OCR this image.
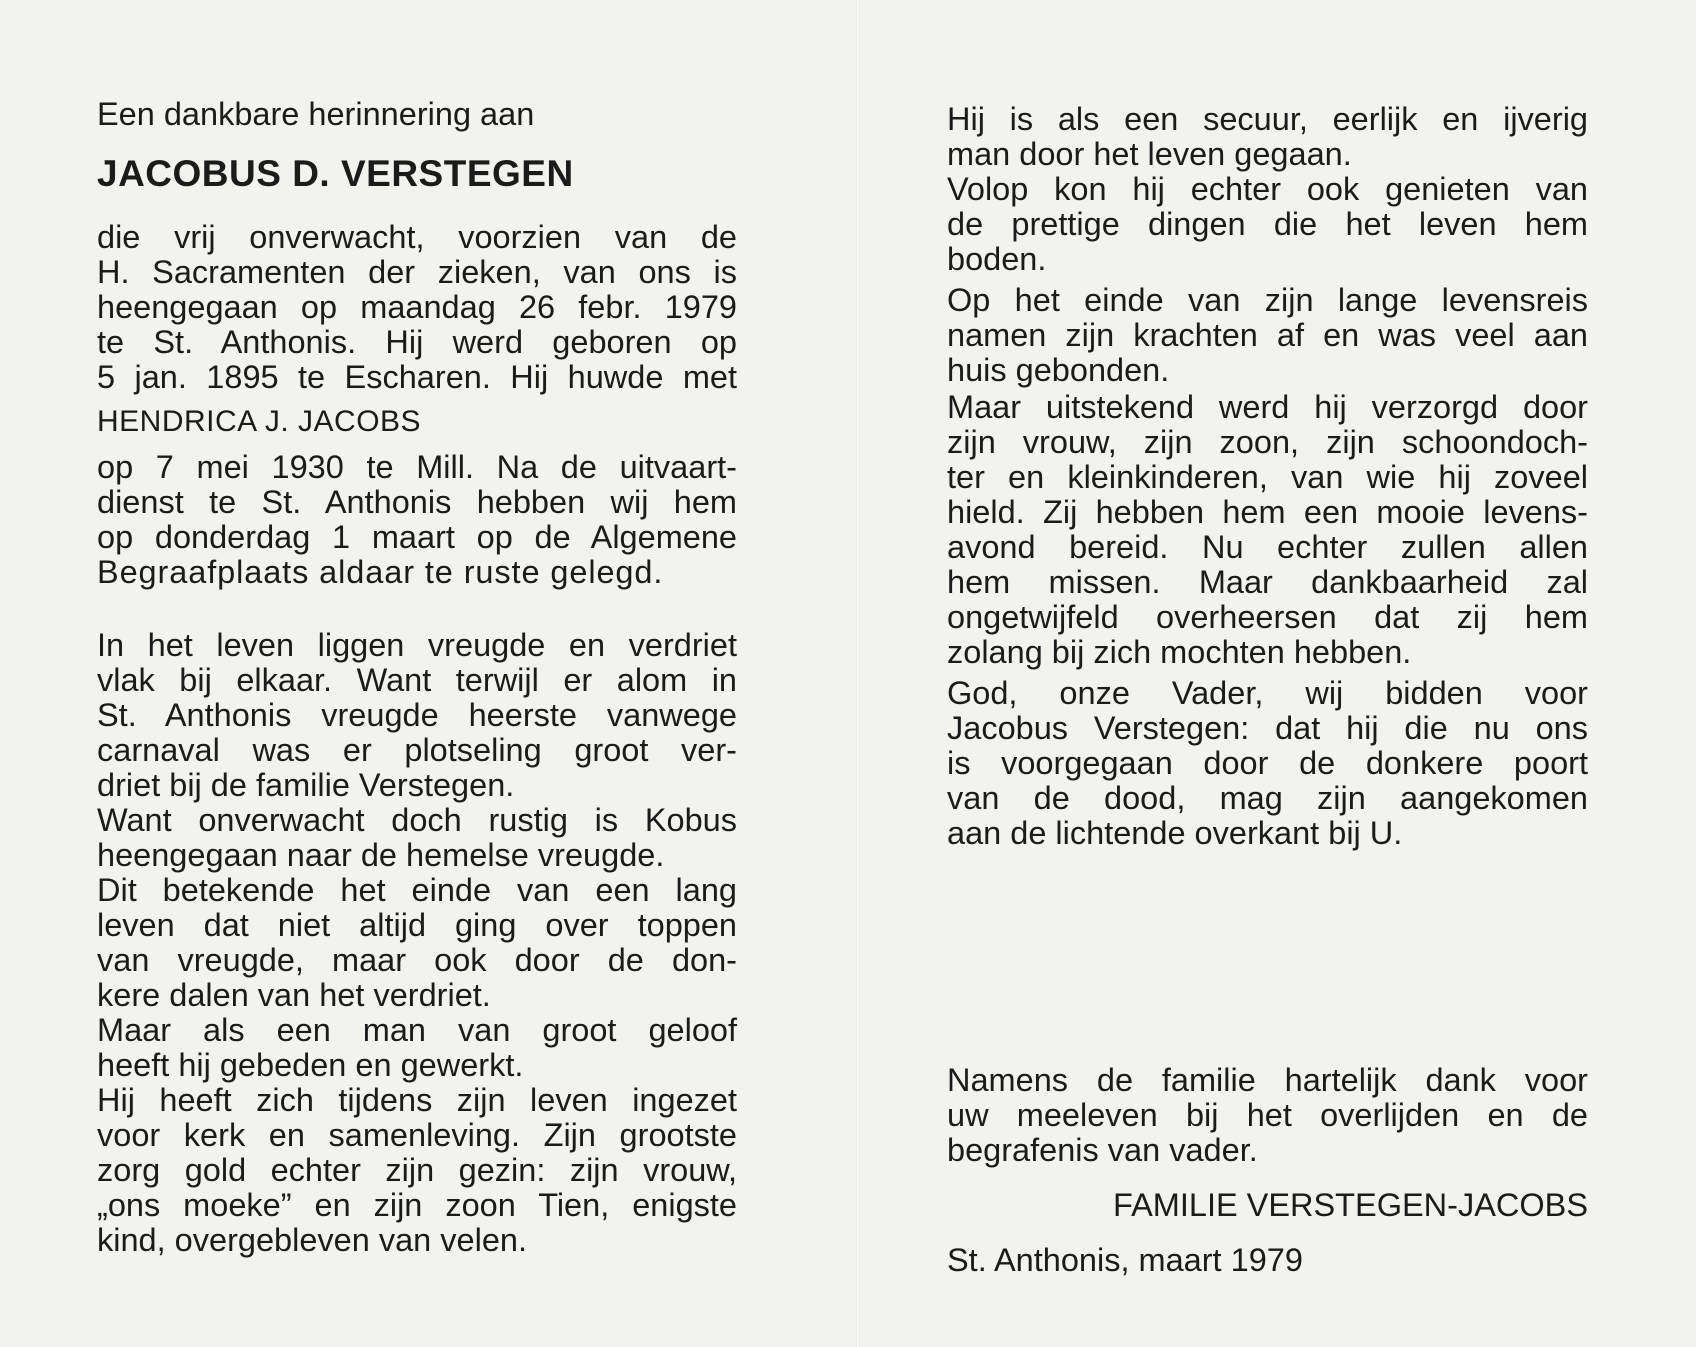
Een dankbare herinnering aan
JACOBUS D. VERSTEGEN
die vrij onverwacht, voorzien van de
H. Sacramenten der zieken, van ons is
heengegaan op maandag 26 febr. 1979
te St. Anthonis. Hij werd geboren op
5 jan. 1895 te Escharen. Hij huwde met
HENDRICA J. JACOBS
op 7 mei 1930 te Mill. Na de uitvaart-
dienst te St. Anthonis hebben wij hem
op donderdag 1 maart op de Algemene
Begraafplaats aldaar te ruste gelegd.
In het leven liggen vreugde en verdriet
vlak bij elkaar. Want terwijl er alom in
St. Anthonis vreugde heerste vanwege
carnaval was er plotseling groot ver-
driet bij de familie Verstegen.
Want onverwacht doch rustig is Kobus
heengegaan naar de hemelse vreugde.
Dit betekende het einde van een lang
leven dat niet altijd ging over toppen
van vreugde, maar ook door de don-
kere dalen van het verdriet.
Maar als een man van groot geloof
heeft hij gebeden en gewerkt.
Hij heeft zich tijdens zijn leven ingezet
voor kerk en samenleving. Zijn grootste
zorg gold echter zijn gezin: zijn vrouw,
„ons moeke” en zijn zoon Tien, enigste
kind, overgebleven van velen.
Hij is als een secuur, eerlijk en ijverig
man door het leven gegaan.
Volop kon hij echter ook genieten van
de prettige dingen die het leven hem
boden.
Op het einde van zijn lange levensreis
namen zijn krachten af en was veel aan
huis gebonden.
Maar uitstekend werd hij verzorgd door
zijn vrouw, zijn zoon, zijn schoondoch-
ter en kleinkinderen, van wie hij zoveel
hield. Zij hebben hem een mooie levens-
avond bereid. Nu echter zullen allen
hem missen. Maar dankbaarheid zal
ongetwijfeld overheersen dat zij hem
zolang bij zich mochten hebben.
God, onze Vader, wij bidden voor
Jacobus Verstegen: dat hij die nu ons
is voorgegaan door de donkere poort
van de dood, mag zijn aangekomen
aan de lichtende overkant bij U.
Namens de familie hartelijk dank voor
uw meeleven bij het overlijden en de
begrafenis van vader.
FAMILIE VERSTEGEN-JACOBS
St. Anthonis, maart 1979
